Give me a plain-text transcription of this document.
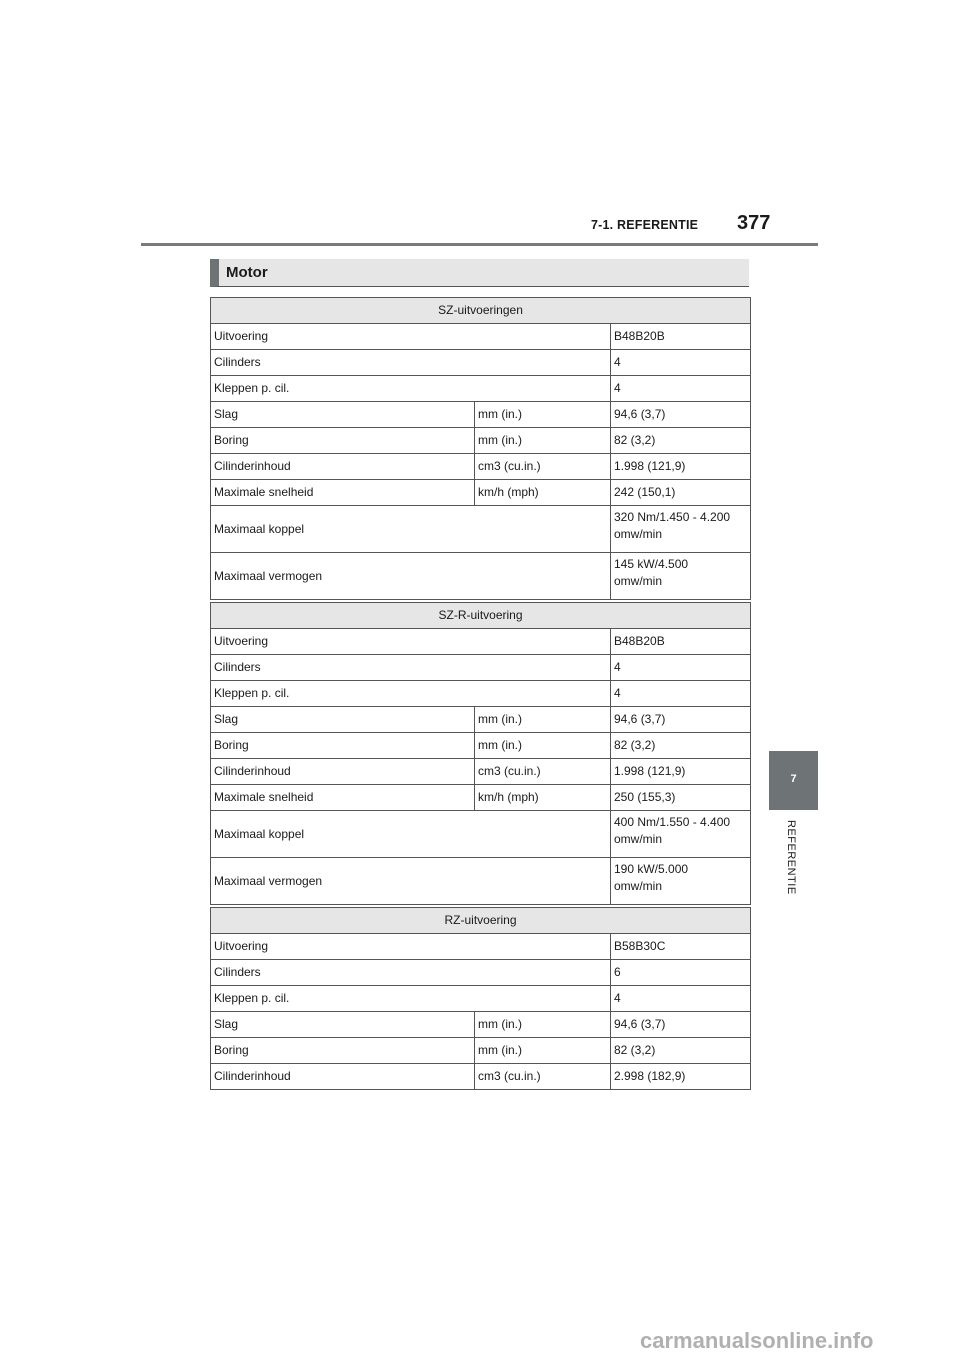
7-1. REFERENTIE 377
7
REFERENTIE
Motor
SZ-uitvoeringen		
Uitvoering		B48B20B
Cilinders		4
Kleppen p. cil.		4
Slag	mm (in.)	94,6 (3,7)
Boring	mm (in.)	82 (3,2)
Cilinderinhoud	cm3 (cu.in.)	1.998 (121,9)
Maximale snelheid	km/h (mph)	242 (150,1)
Maximaal koppel		320 Nm/1.450 - 4.200
omw/min
Maximaal vermogen		145 kW/4.500
omw/min
SZ-R-uitvoering		
Uitvoering		B48B20B
Cilinders		4
Kleppen p. cil.		4
Slag	mm (in.)	94,6 (3,7)
Boring	mm (in.)	82 (3,2)
Cilinderinhoud	cm3 (cu.in.)	1.998 (121,9)
Maximale snelheid	km/h (mph)	250 (155,3)
Maximaal koppel		400 Nm/1.550 - 4.400
omw/min
Maximaal vermogen		190 kW/5.000
omw/min
RZ-uitvoering		
Uitvoering		B58B30C
Cilinders		6
Kleppen p. cil.		4
Slag	mm (in.)	94,6 (3,7)
Boring	mm (in.)	82 (3,2)
Cilinderinhoud	cm3 (cu.in.)	2.998 (182,9)
carmanualsonline.info
